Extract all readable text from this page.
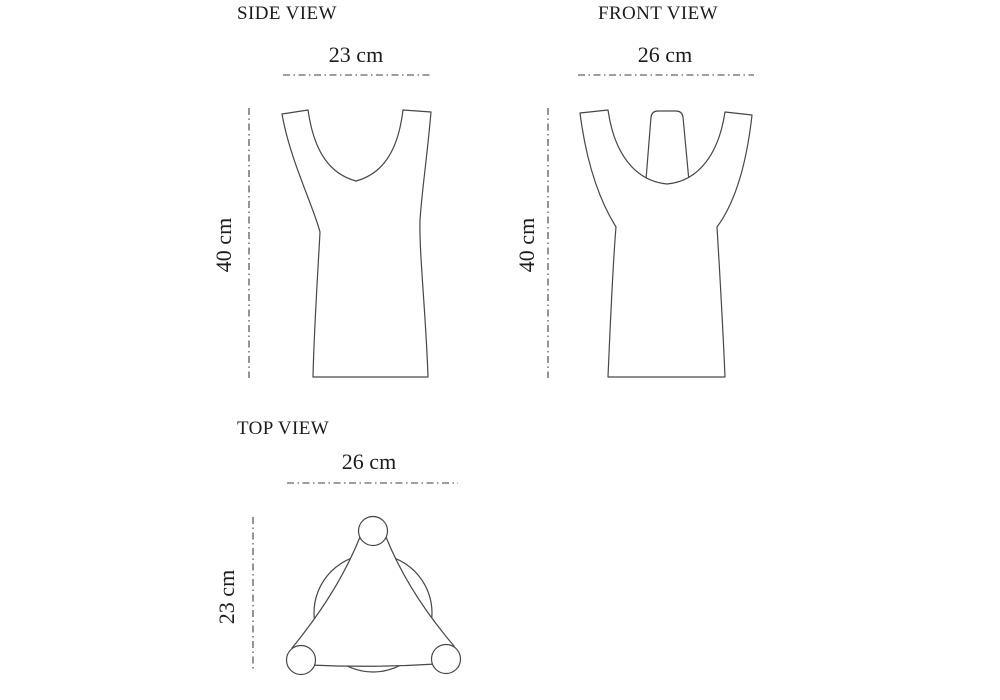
SIDE VIEW
23 cm
40 cm
FRONT VIEW
26 cm
40 cm
TOP VIEW
26 cm
23 cm
